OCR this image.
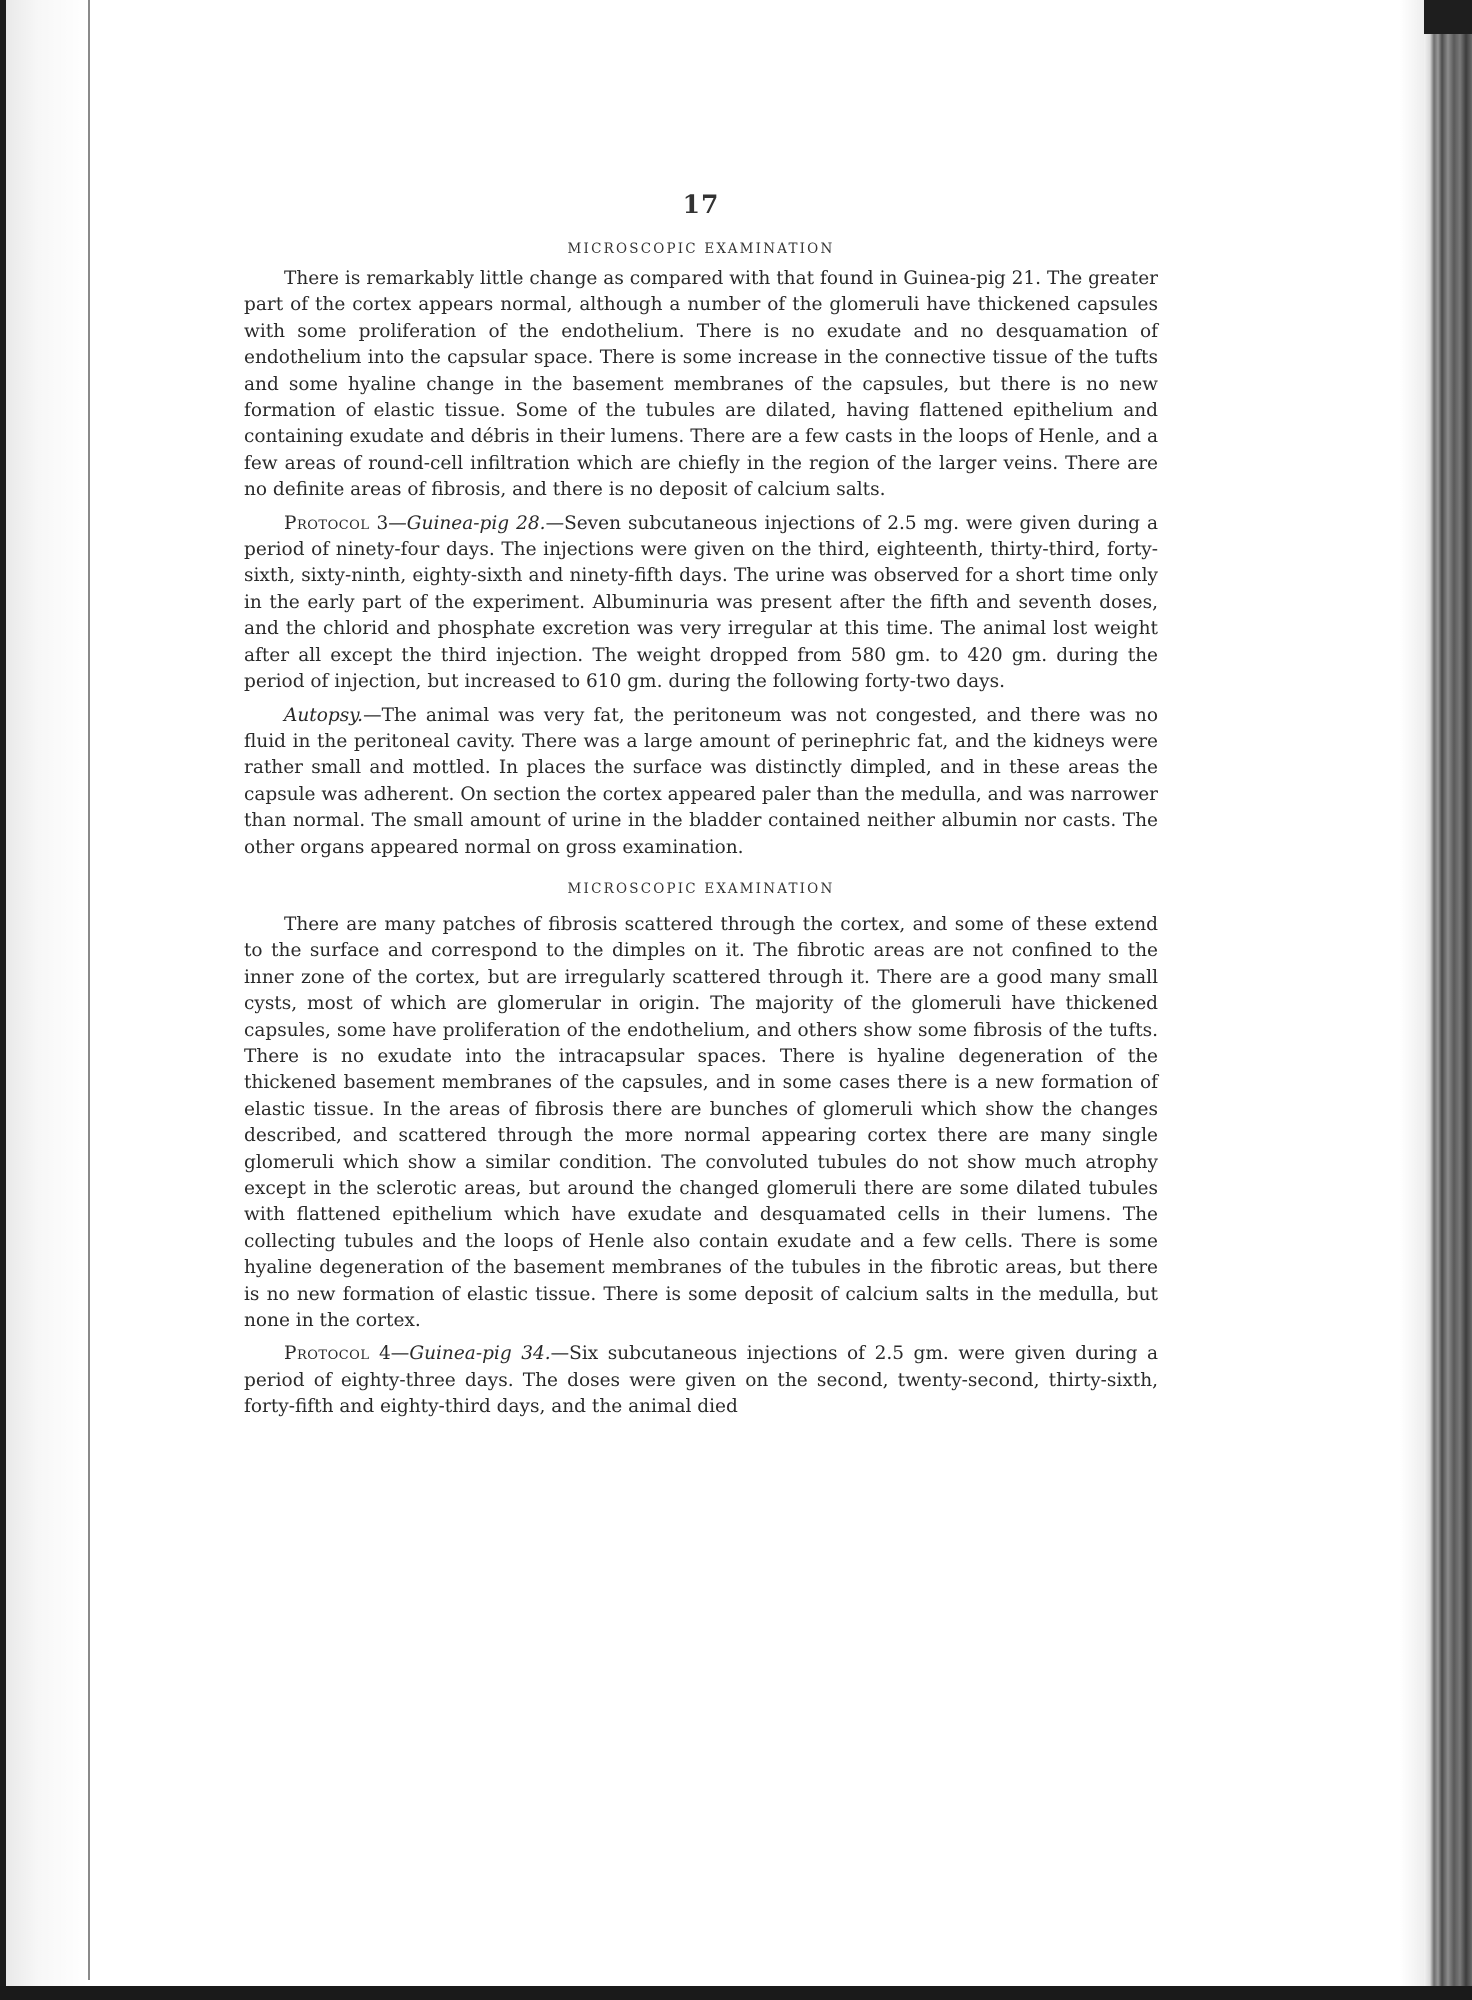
17
MICROSCOPIC EXAMINATION

There is remarkably little change as compared with that found in Guinea-pig 21. The greater part of the cortex appears normal, although a number of the glomeruli have thickened capsules with some proliferation of the endothelium. There is no exudate and no desquamation of endothelium into the capsular space. There is some increase in the connective tissue of the tufts and some hyaline change in the basement membranes of the capsules, but there is no new formation of elastic tissue. Some of the tubules are dilated, having flattened epithelium and containing exudate and débris in their lumens. There are a few casts in the loops of Henle, and a few areas of round-cell infiltration which are chiefly in the region of the larger veins. There are no definite areas of fibrosis, and there is no deposit of calcium salts.

Protocol 3—Guinea-pig 28.—Seven subcutaneous injections of 2.5 mg. were given during a period of ninety-four days. The injections were given on the third, eighteenth, thirty-third, forty-sixth, sixty-ninth, eighty-sixth and ninety-fifth days. The urine was observed for a short time only in the early part of the experiment. Albuminuria was present after the fifth and seventh doses, and the chlorid and phosphate excretion was very irregular at this time. The animal lost weight after all except the third injection. The weight dropped from 580 gm. to 420 gm. during the period of injection, but increased to 610 gm. during the following forty-two days.

Autopsy.—The animal was very fat, the peritoneum was not congested, and there was no fluid in the peritoneal cavity. There was a large amount of perinephric fat, and the kidneys were rather small and mottled. In places the surface was distinctly dimpled, and in these areas the capsule was adherent. On section the cortex appeared paler than the medulla, and was narrower than normal. The small amount of urine in the bladder contained neither albumin nor casts. The other organs appeared normal on gross examination.

MICROSCOPIC EXAMINATION

There are many patches of fibrosis scattered through the cortex, and some of these extend to the surface and correspond to the dimples on it. The fibrotic areas are not confined to the inner zone of the cortex, but are irregularly scattered through it. There are a good many small cysts, most of which are glomerular in origin. The majority of the glomeruli have thickened capsules, some have proliferation of the endothelium, and others show some fibrosis of the tufts. There is no exudate into the intracapsular spaces. There is hyaline degeneration of the thickened basement membranes of the capsules, and in some cases there is a new formation of elastic tissue. In the areas of fibrosis there are bunches of glomeruli which show the changes described, and scattered through the more normal appearing cortex there are many single glomeruli which show a similar condition. The convoluted tubules do not show much atrophy except in the sclerotic areas, but around the changed glomeruli there are some dilated tubules with flattened epithelium which have exudate and desquamated cells in their lumens. The collecting tubules and the loops of Henle also contain exudate and a few cells. There is some hyaline degeneration of the basement membranes of the tubules in the fibrotic areas, but there is no new formation of elastic tissue. There is some deposit of calcium salts in the medulla, but none in the cortex.

Protocol 4—Guinea-pig 34.—Six subcutaneous injections of 2.5 gm. were given during a period of eighty-three days. The doses were given on the second, twenty-second, thirty-sixth, forty-fifth and eighty-third days, and the animal died
